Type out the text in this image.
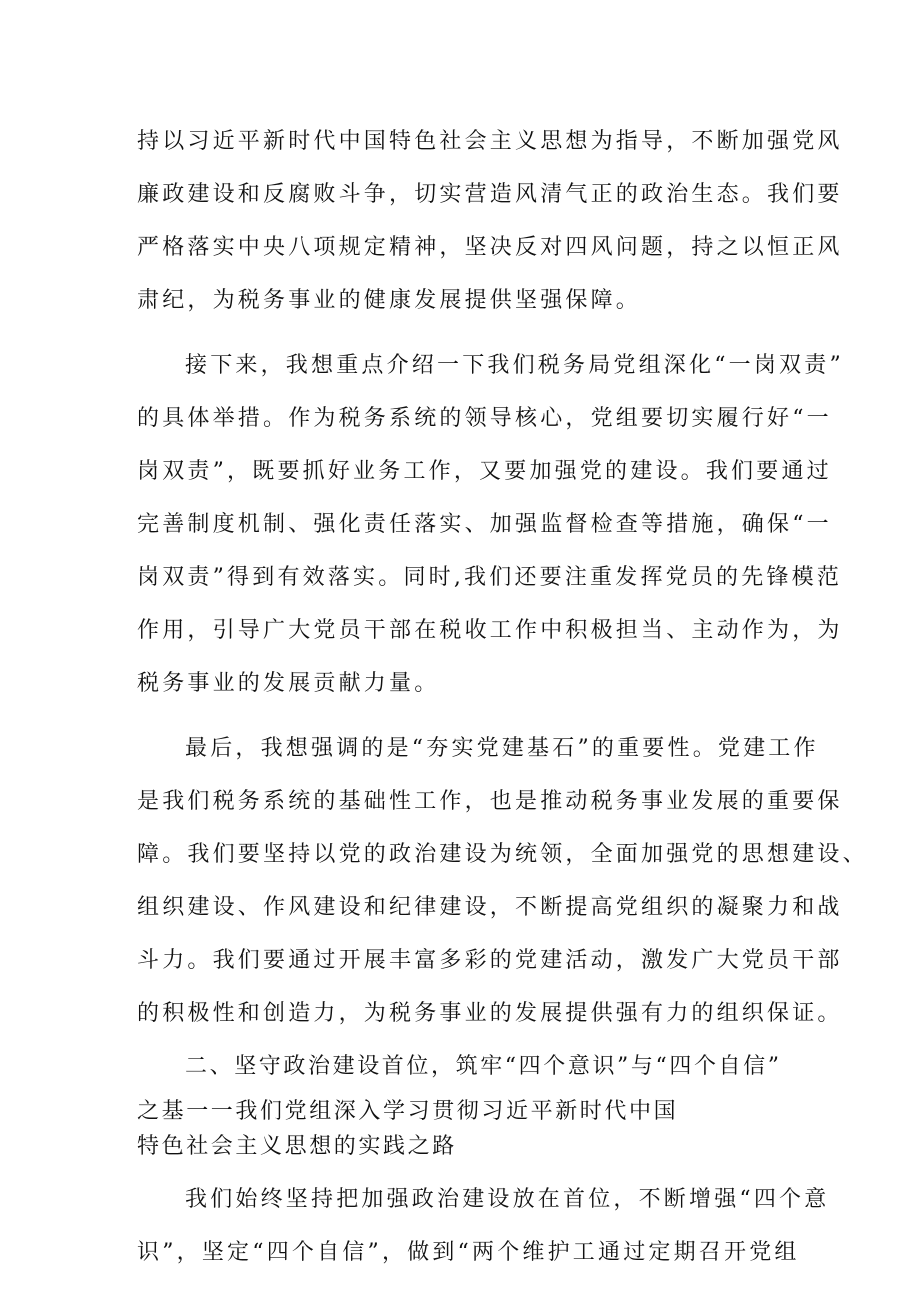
持以习近平新时代中国特色社会主义思想为指导，不断加强党风
廉政建设和反腐败斗争，切实营造风清气正的政治生态。我们要
严格落实中央八项规定精神，坚决反对四风问题，持之以恒正风
肃纪，为税务事业的健康发展提供坚强保障。
接下来，我想重点介绍一下我们税务局党组深化“一岗双责”
的具体举措。作为税务系统的领导核心，党组要切实履行好“一
岗双责”，既要抓好业务工作，又要加强党的建设。我们要通过
完善制度机制、强化责任落实、加强监督检查等措施，确保“一
岗双责”得到有效落实。同时,我们还要注重发挥党员的先锋模范
作用，引导广大党员干部在税收工作中积极担当、主动作为，为
税务事业的发展贡献力量。
最后，我想强调的是“夯实党建基石”的重要性。党建工作
是我们税务系统的基础性工作，也是推动税务事业发展的重要保
障。我们要坚持以党的政治建设为统领，全面加强党的思想建设、
组织建设、作风建设和纪律建设，不断提高党组织的凝聚力和战
斗力。我们要通过开展丰富多彩的党建活动，激发广大党员干部
的积极性和创造力，为税务事业的发展提供强有力的组织保证。
二、坚守政治建设首位，筑牢“四个意识”与“四个自信”
之基一一我们党组深入学习贯彻习近平新时代中国
特色社会主义思想的实践之路
我们始终坚持把加强政治建设放在首位，不断增强“四个意
识”，坚定“四个自信”，做到“两个维护工通过定期召开党组
